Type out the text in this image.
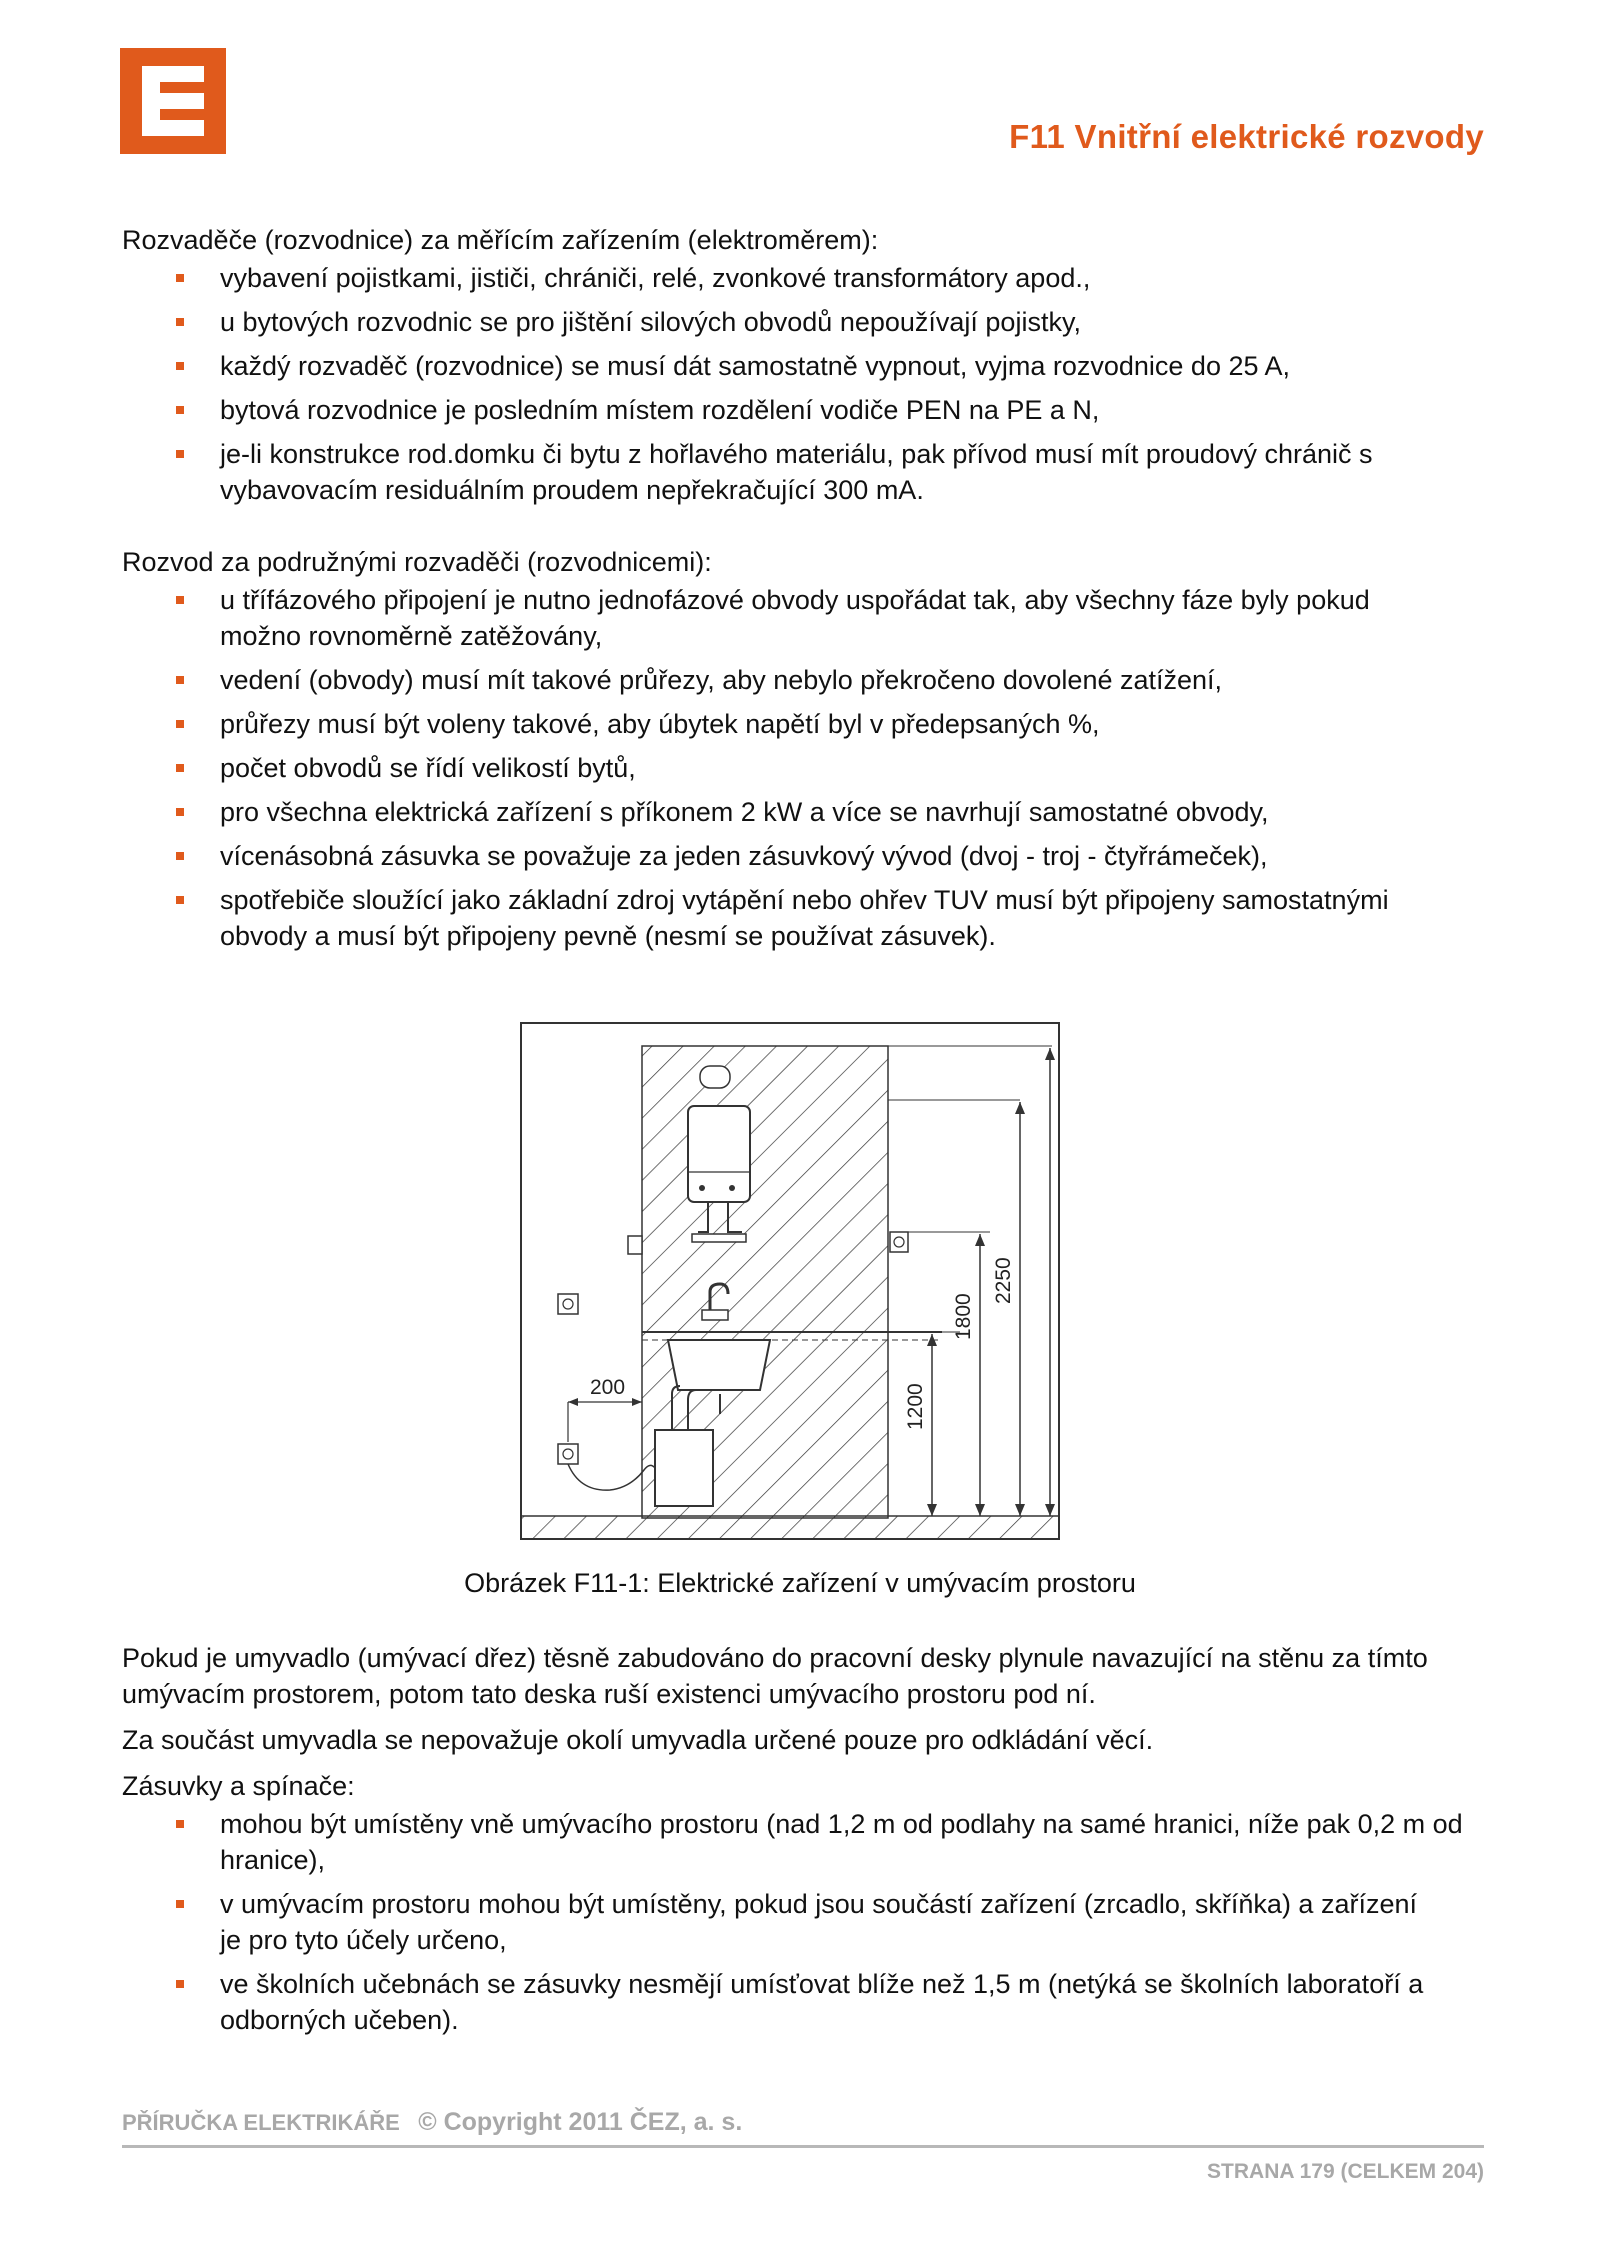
F11 Vnitřní elektrické rozvody

Rozvaděče (rozvodnice) za měřícím zařízením (elektroměrem):

vybavení pojistkami, jističi, chrániči, relé, zvonkové transformátory apod.,
u bytových rozvodnic se pro jištění silových obvodů nepoužívají pojistky,
každý rozvaděč (rozvodnice) se musí dát samostatně vypnout, vyjma rozvodnice do 25 A,
bytová rozvodnice je posledním místem rozdělení vodiče PEN na PE a N,
je-li konstrukce rod.domku či bytu z hořlavého materiálu, pak přívod musí mít proudový chránič s vybavovacím residuálním proudem nepřekračující 300 mA.

Rozvod za podružnými rozvaděči (rozvodnicemi):

u třífázového připojení je nutno jednofázové obvody uspořádat tak, aby všechny fáze byly pokud možno rovnoměrně zatěžovány,
vedení (obvody) musí mít takové průřezy, aby nebylo překročeno dovolené zatížení,
průřezy musí být voleny takové, aby úbytek napětí byl v předepsaných %,
počet obvodů se řídí velikostí bytů,
pro všechna elektrická zařízení s příkonem 2 kW a více se navrhují samostatné obvody,
vícenásobná zásuvka se považuje za jeden zásuvkový vývod (dvoj - troj - čtyřrámeček),
spotřebiče sloužící jako základní zdroj vytápění nebo ohřev TUV musí být připojeny samostatnými obvody a musí být připojeny pevně (nesmí se používat zásuvek).
200	1200
1800
2250
Obrázek F11-1: Elektrické zařízení v umývacím prostoru

Pokud je umyvadlo (umývací dřez) těsně zabudováno do pracovní desky plynule navazující na stěnu za tímto umývacím prostorem, potom tato deska ruší existenci umývacího prostoru pod ní.

Za součást umyvadla se nepovažuje okolí umyvadla určené pouze pro odkládání věcí.

Zásuvky a spínače:

mohou být umístěny vně umývacího prostoru (nad 1,2 m od podlahy na samé hranici, níže pak 0,2 m od hranice),
v umývacím prostoru mohou být umístěny, pokud jsou součástí zařízení (zrcadlo, skříňka) a zařízení je pro tyto účely určeno,
ve školních učebnách se zásuvky nesmějí umísťovat blíže než 1,5 m (netýká se školních laboratoří a odborných učeben).
PŘÍRUČKA ELEKTRIKÁŘE © Copyright 2011 ČEZ, a. s.
STRANA 179 (CELKEM 204)
